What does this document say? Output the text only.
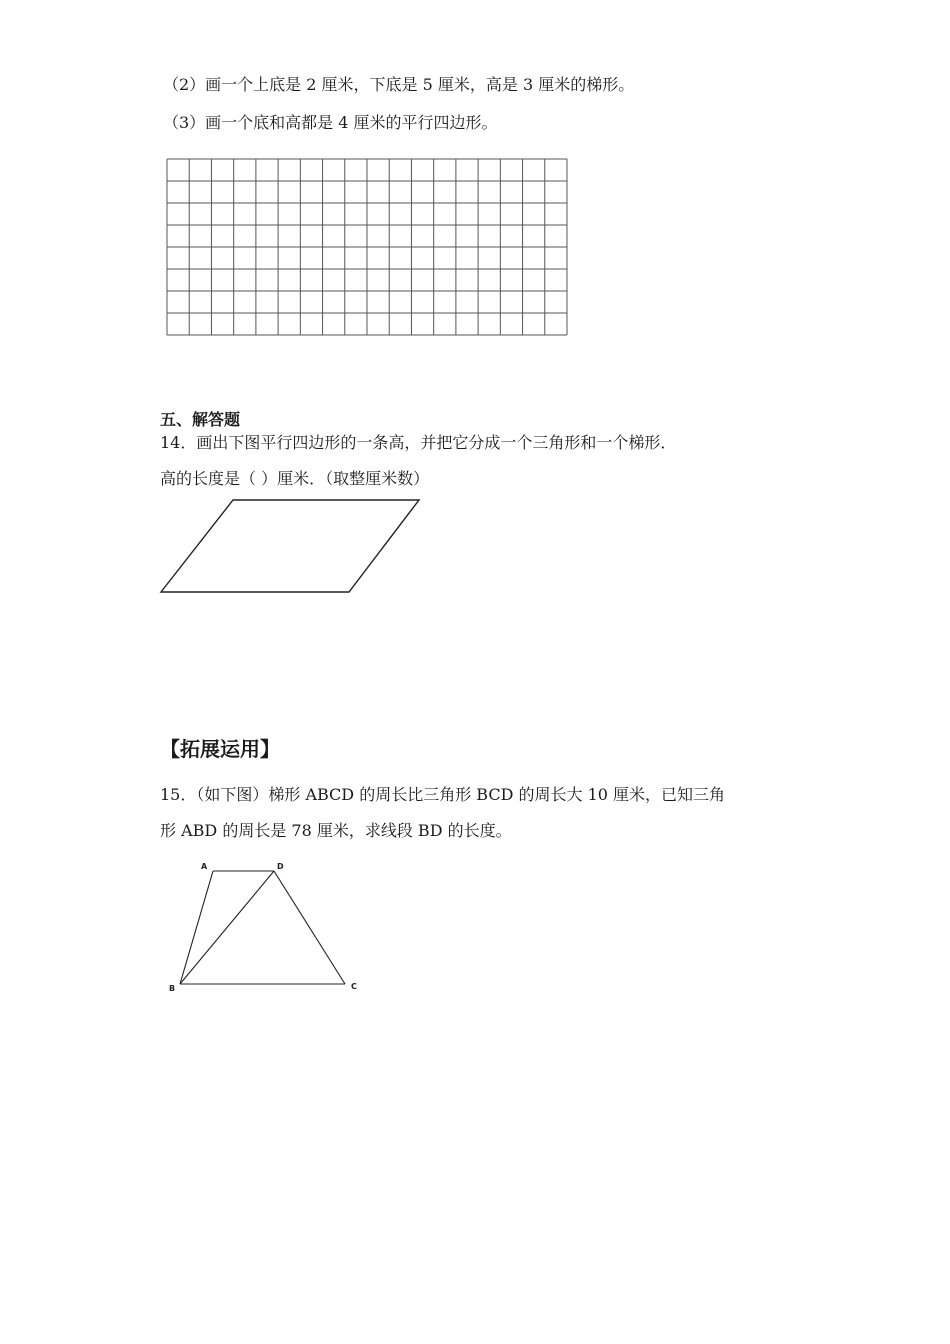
（2）画一个上底是 2 厘米，下底是 5 厘米，高是 3 厘米的梯形。
（3）画一个底和高都是 4 厘米的平行四边形。
五、解答题
14．画出下图平行四边形的一条高，并把它分成一个三角形和一个梯形．
高的长度是（ ）厘米．（取整厘米数）
【拓展运用】
15．（如下图）梯形 ABCD 的周长比三角形 BCD 的周长大 10 厘米，已知三角
形 ABD 的周长是 78 厘米，求线段 BD 的长度。
A	D
B	C
